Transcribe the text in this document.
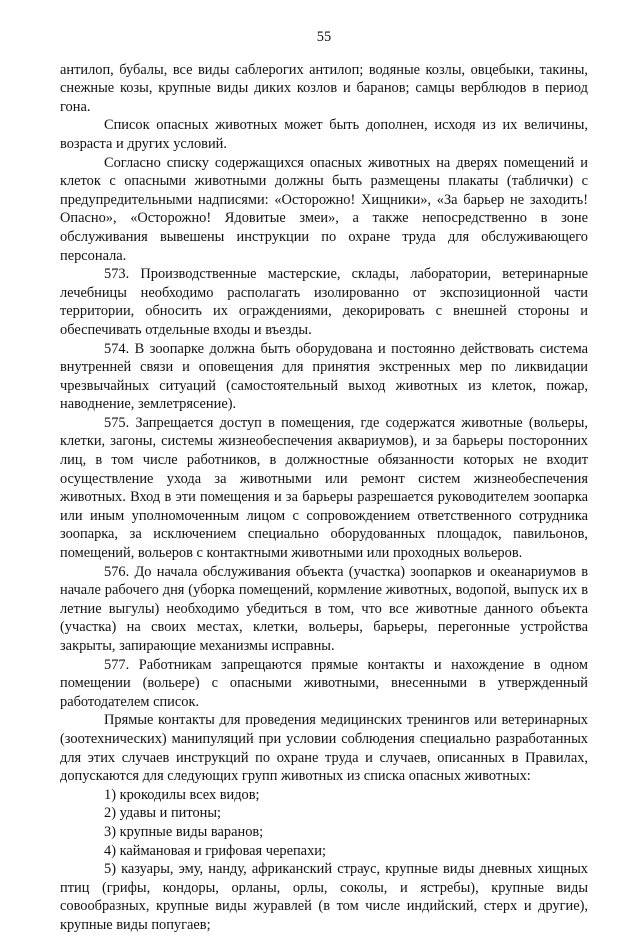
55

антилоп, бубалы, все виды саблерогих антилоп; водяные козлы, овцебыки, такины, снежные козы, крупные виды диких козлов и баранов; самцы верблюдов в период гона.

Список опасных животных может быть дополнен, исходя из их величины, возраста и других условий.

Согласно списку содержащихся опасных животных на дверях помещений и клеток с опасными животными должны быть размещены плакаты (таблички) с предупредительными надписями: «Осторожно! Хищники», «За барьер не заходить! Опасно», «Осторожно! Ядовитые змеи», а также непосредственно в зоне обслуживания вывешены инструкции по охране труда для обслуживающего персонала.

573. Производственные мастерские, склады, лаборатории, ветеринарные лечебницы необходимо располагать изолированно от экспозиционной части территории, обносить их ограждениями, декорировать с внешней стороны и обеспечивать отдельные входы и въезды.

574. В зоопарке должна быть оборудована и постоянно действовать система внутренней связи и оповещения для принятия экстренных мер по ликвидации чрезвычайных ситуаций (самостоятельный выход животных из клеток, пожар, наводнение, землетрясение).

575. Запрещается доступ в помещения, где содержатся животные (вольеры, клетки, загоны, системы жизнеобеспечения аквариумов), и за барьеры посторонних лиц, в том числе работников, в должностные обязанности которых не входит осуществление ухода за животными или ремонт систем жизнеобеспечения животных. Вход в эти помещения и за барьеры разрешается руководителем зоопарка или иным уполномоченным лицом с сопровождением ответственного сотрудника зоопарка, за исключением специально оборудованных площадок, павильонов, помещений, вольеров с контактными животными или проходных вольеров.

576. До начала обслуживания объекта (участка) зоопарков и океанариумов в начале рабочего дня (уборка помещений, кормление животных, водопой, выпуск их в летние выгулы) необходимо убедиться в том, что все животные данного объекта (участка) на своих местах, клетки, вольеры, барьеры, перегонные устройства закрыты, запирающие механизмы исправны.

577. Работникам запрещаются прямые контакты и нахождение в одном помещении (вольере) с опасными животными, внесенными в утвержденный работодателем список.

Прямые контакты для проведения медицинских тренингов или ветеринарных (зоотехнических) манипуляций при условии соблюдения специально разработанных для этих случаев инструкций по охране труда и случаев, описанных в Правилах, допускаются для следующих групп животных из списка опасных животных:

1) крокодилы всех видов;

2) удавы и питоны;

3) крупные виды варанов;

4) каймановая и грифовая черепахи;

5) казуары, эму, нанду, африканский страус, крупные виды дневных хищных птиц (грифы, кондоры, орланы, орлы, соколы, и ястребы), крупные виды совообразных, крупные виды журавлей (в том числе индийский, стерх и другие), крупные виды попугаев;
